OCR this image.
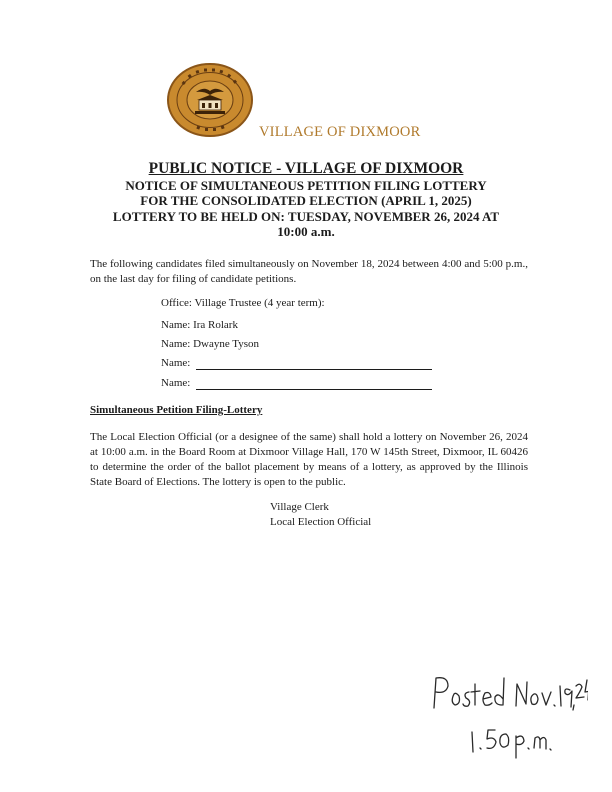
VILLAGE OF DIXMOOR
PUBLIC NOTICE - VILLAGE OF DIXMOOR
NOTICE OF SIMULTANEOUS PETITION FILING LOTTERY
FOR THE CONSOLIDATED ELECTION (APRIL 1, 2025)
LOTTERY TO BE HELD ON: TUESDAY, NOVEMBER 26, 2024 AT
10:00 a.m.
The following candidates filed simultaneously on November 18, 2024 between 4:00 and 5:00 p.m., on the last day for filing of candidate petitions.
Office: Village Trustee (4 year term):
Name: Ira Rolark
Name: Dwayne Tyson
Name:
Name:
Simultaneous Petition Filing-Lottery
The Local Election Official (or a designee of the same) shall hold a lottery on November 26, 2024 at 10:00 a.m. in the Board Room at Dixmoor Village Hall, 170 W 145th Street, Dixmoor, IL 60426 to determine the order of the ballot placement by means of a lottery, as approved by the Illinois State Board of Elections. The lottery is open to the public.
Village Clerk
Local Election Official
